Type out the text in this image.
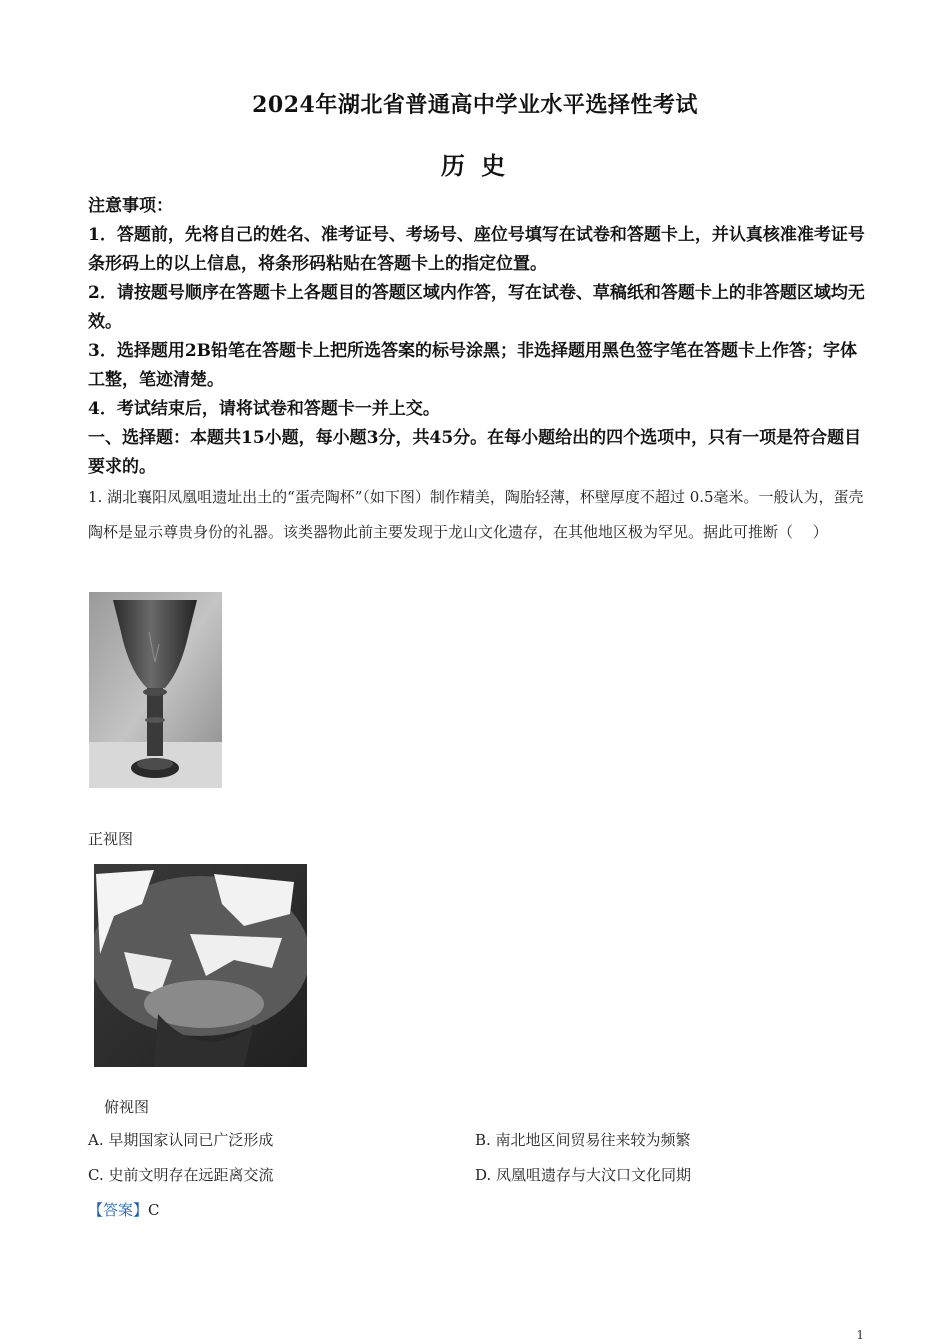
2024年湖北省普通高中学业水平选择性考试
历 史

注意事项：

1．答题前，先将自己的姓名、准考证号、考场号、座位号填写在试卷和答题卡上，并认真核准准考证号条形码上的以上信息，将条形码粘贴在答题卡上的指定位置。

2．请按题号顺序在答题卡上各题目的答题区域内作答，写在试卷、草稿纸和答题卡上的非答题区域均无效。

3．选择题用2B铅笔在答题卡上把所选答案的标号涂黑；非选择题用黑色签字笔在答题卡上作答；字体工整，笔迹清楚。

4．考试结束后，请将试卷和答题卡一并上交。

一、选择题：本题共15小题，每小题3分，共45分。在每小题给出的四个选项中，只有一项是符合题目要求的。

1. 湖北襄阳凤凰咀遗址出土的“蛋壳陶杯”（如下图）制作精美，陶胎轻薄，杯壁厚度不超过 0.5毫米。一般认为，蛋壳陶杯是显示尊贵身份的礼器。该类器物此前主要发现于龙山文化遗存，在其他地区极为罕见。据此可推断（　 ）
正视图
俯视图
A. 早期国家认同已广泛形成	B. 南北地区间贸易往来较为频繁
C. 史前文明存在远距离交流	D. 凤凰咀遗存与大汶口文化同期
【答案】C
1
